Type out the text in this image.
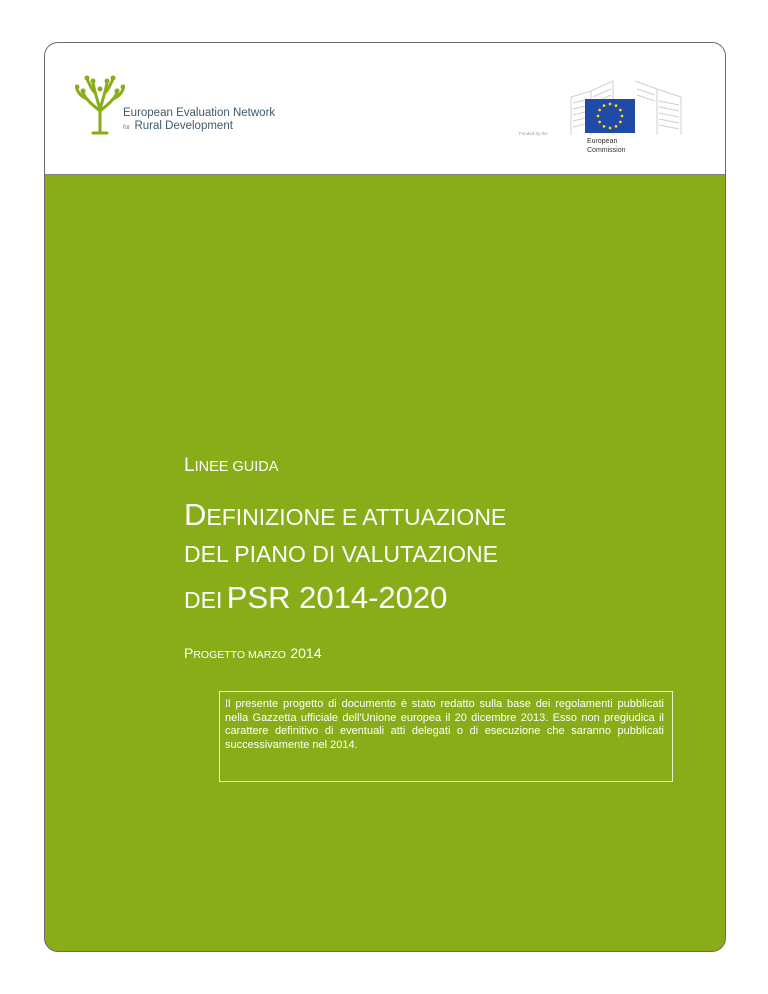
European Evaluation Network
for Rural Development
Funded by the
European
Commission
LINEE GUIDA
DEFINIZIONE E ATTUAZIONE
DEL PIANO DI VALUTAZIONE
DEI PSR 2014-2020
PROGETTO MARZO 2014
Il presente progetto di documento è stato redatto sulla base dei regolamenti pubblicati nella Gazzetta ufficiale dell'Unione europea il 20 dicembre 2013. Esso non pregiudica il carattere definitivo di eventuali atti delegati o di esecuzione che saranno pubblicati successivamente nel 2014.
